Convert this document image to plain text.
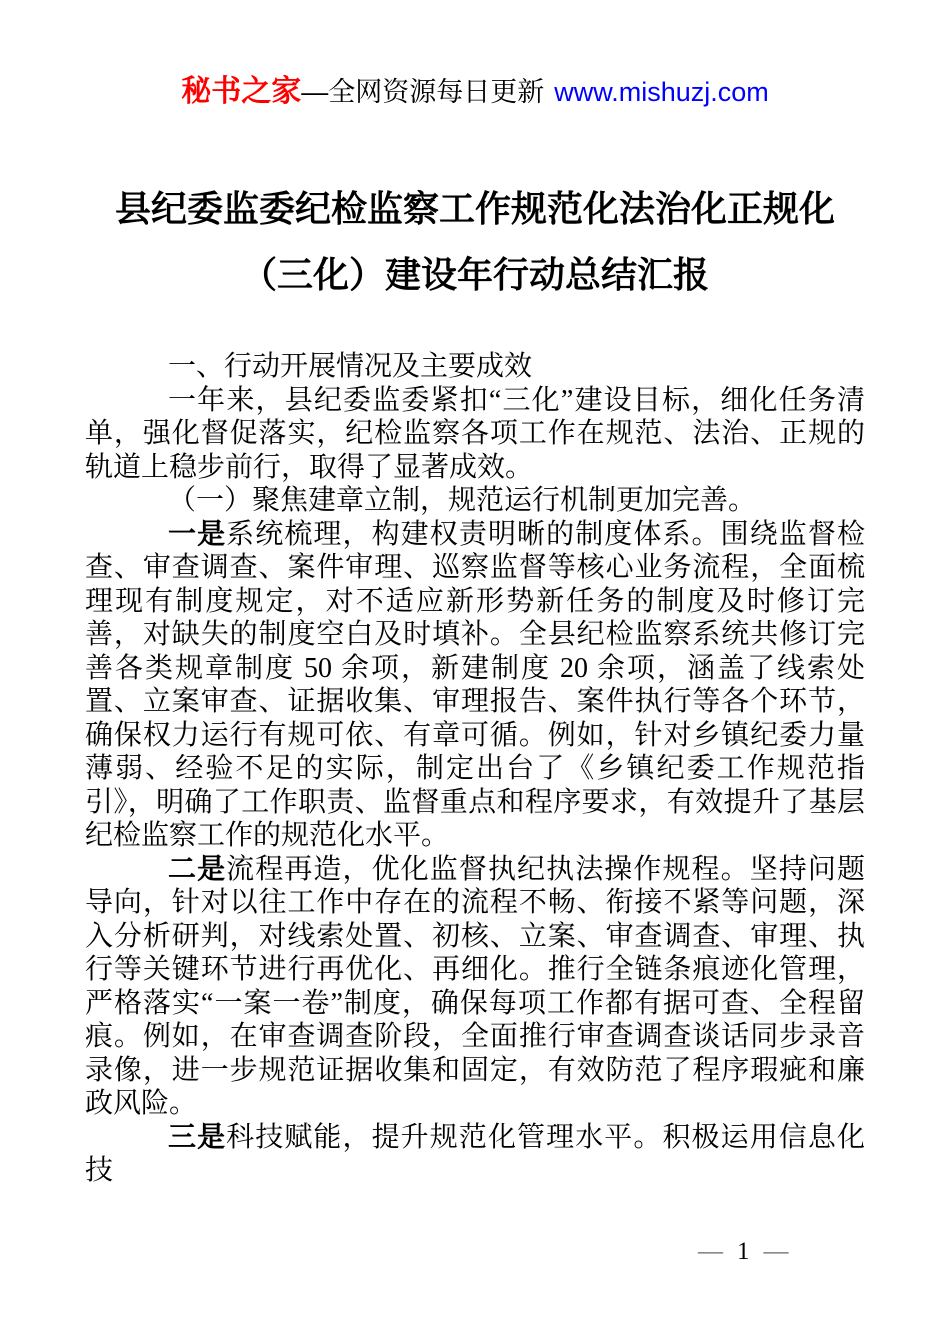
秘书之家—全网资源每日更新 www.mishuzj.com
县纪委监委纪检监察工作规范化法治化正规化
（三化）建设年行动总结汇报

一、行动开展情况及主要成效

一年来，县纪委监委紧扣“三化”建设目标，细化任务清单，强化督促落实，纪检监察各项工作在规范、法治、正规的轨道上稳步前行，取得了显著成效。

（一）聚焦建章立制，规范运行机制更加完善。

一是系统梳理，构建权责明晰的制度体系。围绕监督检查、审查调查、案件审理、巡察监督等核心业务流程，全面梳理现有制度规定，对不适应新形势新任务的制度及时修订完善，对缺失的制度空白及时填补。全县纪检监察系统共修订完善各类规章制度 50 余项，新建制度 20 余项，涵盖了线索处置、立案审查、证据收集、审理报告、案件执行等各个环节，确保权力运行有规可依、有章可循。例如，针对乡镇纪委力量薄弱、经验不足的实际，制定出台了《乡镇纪委工作规范指引》，明确了工作职责、监督重点和程序要求，有效提升了基层纪检监察工作的规范化水平。

二是流程再造，优化监督执纪执法操作规程。坚持问题导向，针对以往工作中存在的流程不畅、衔接不紧等问题，深入分析研判，对线索处置、初核、立案、审查调查、审理、执行等关键环节进行再优化、再细化。推行全链条痕迹化管理，严格落实“一案一卷”制度，确保每项工作都有据可查、全程留痕。例如，在审查调查阶段，全面推行审查调查谈话同步录音录像，进一步规范证据收集和固定，有效防范了程序瑕疵和廉政风险。

三是科技赋能，提升规范化管理水平。积极运用信息化技

— 1 —
